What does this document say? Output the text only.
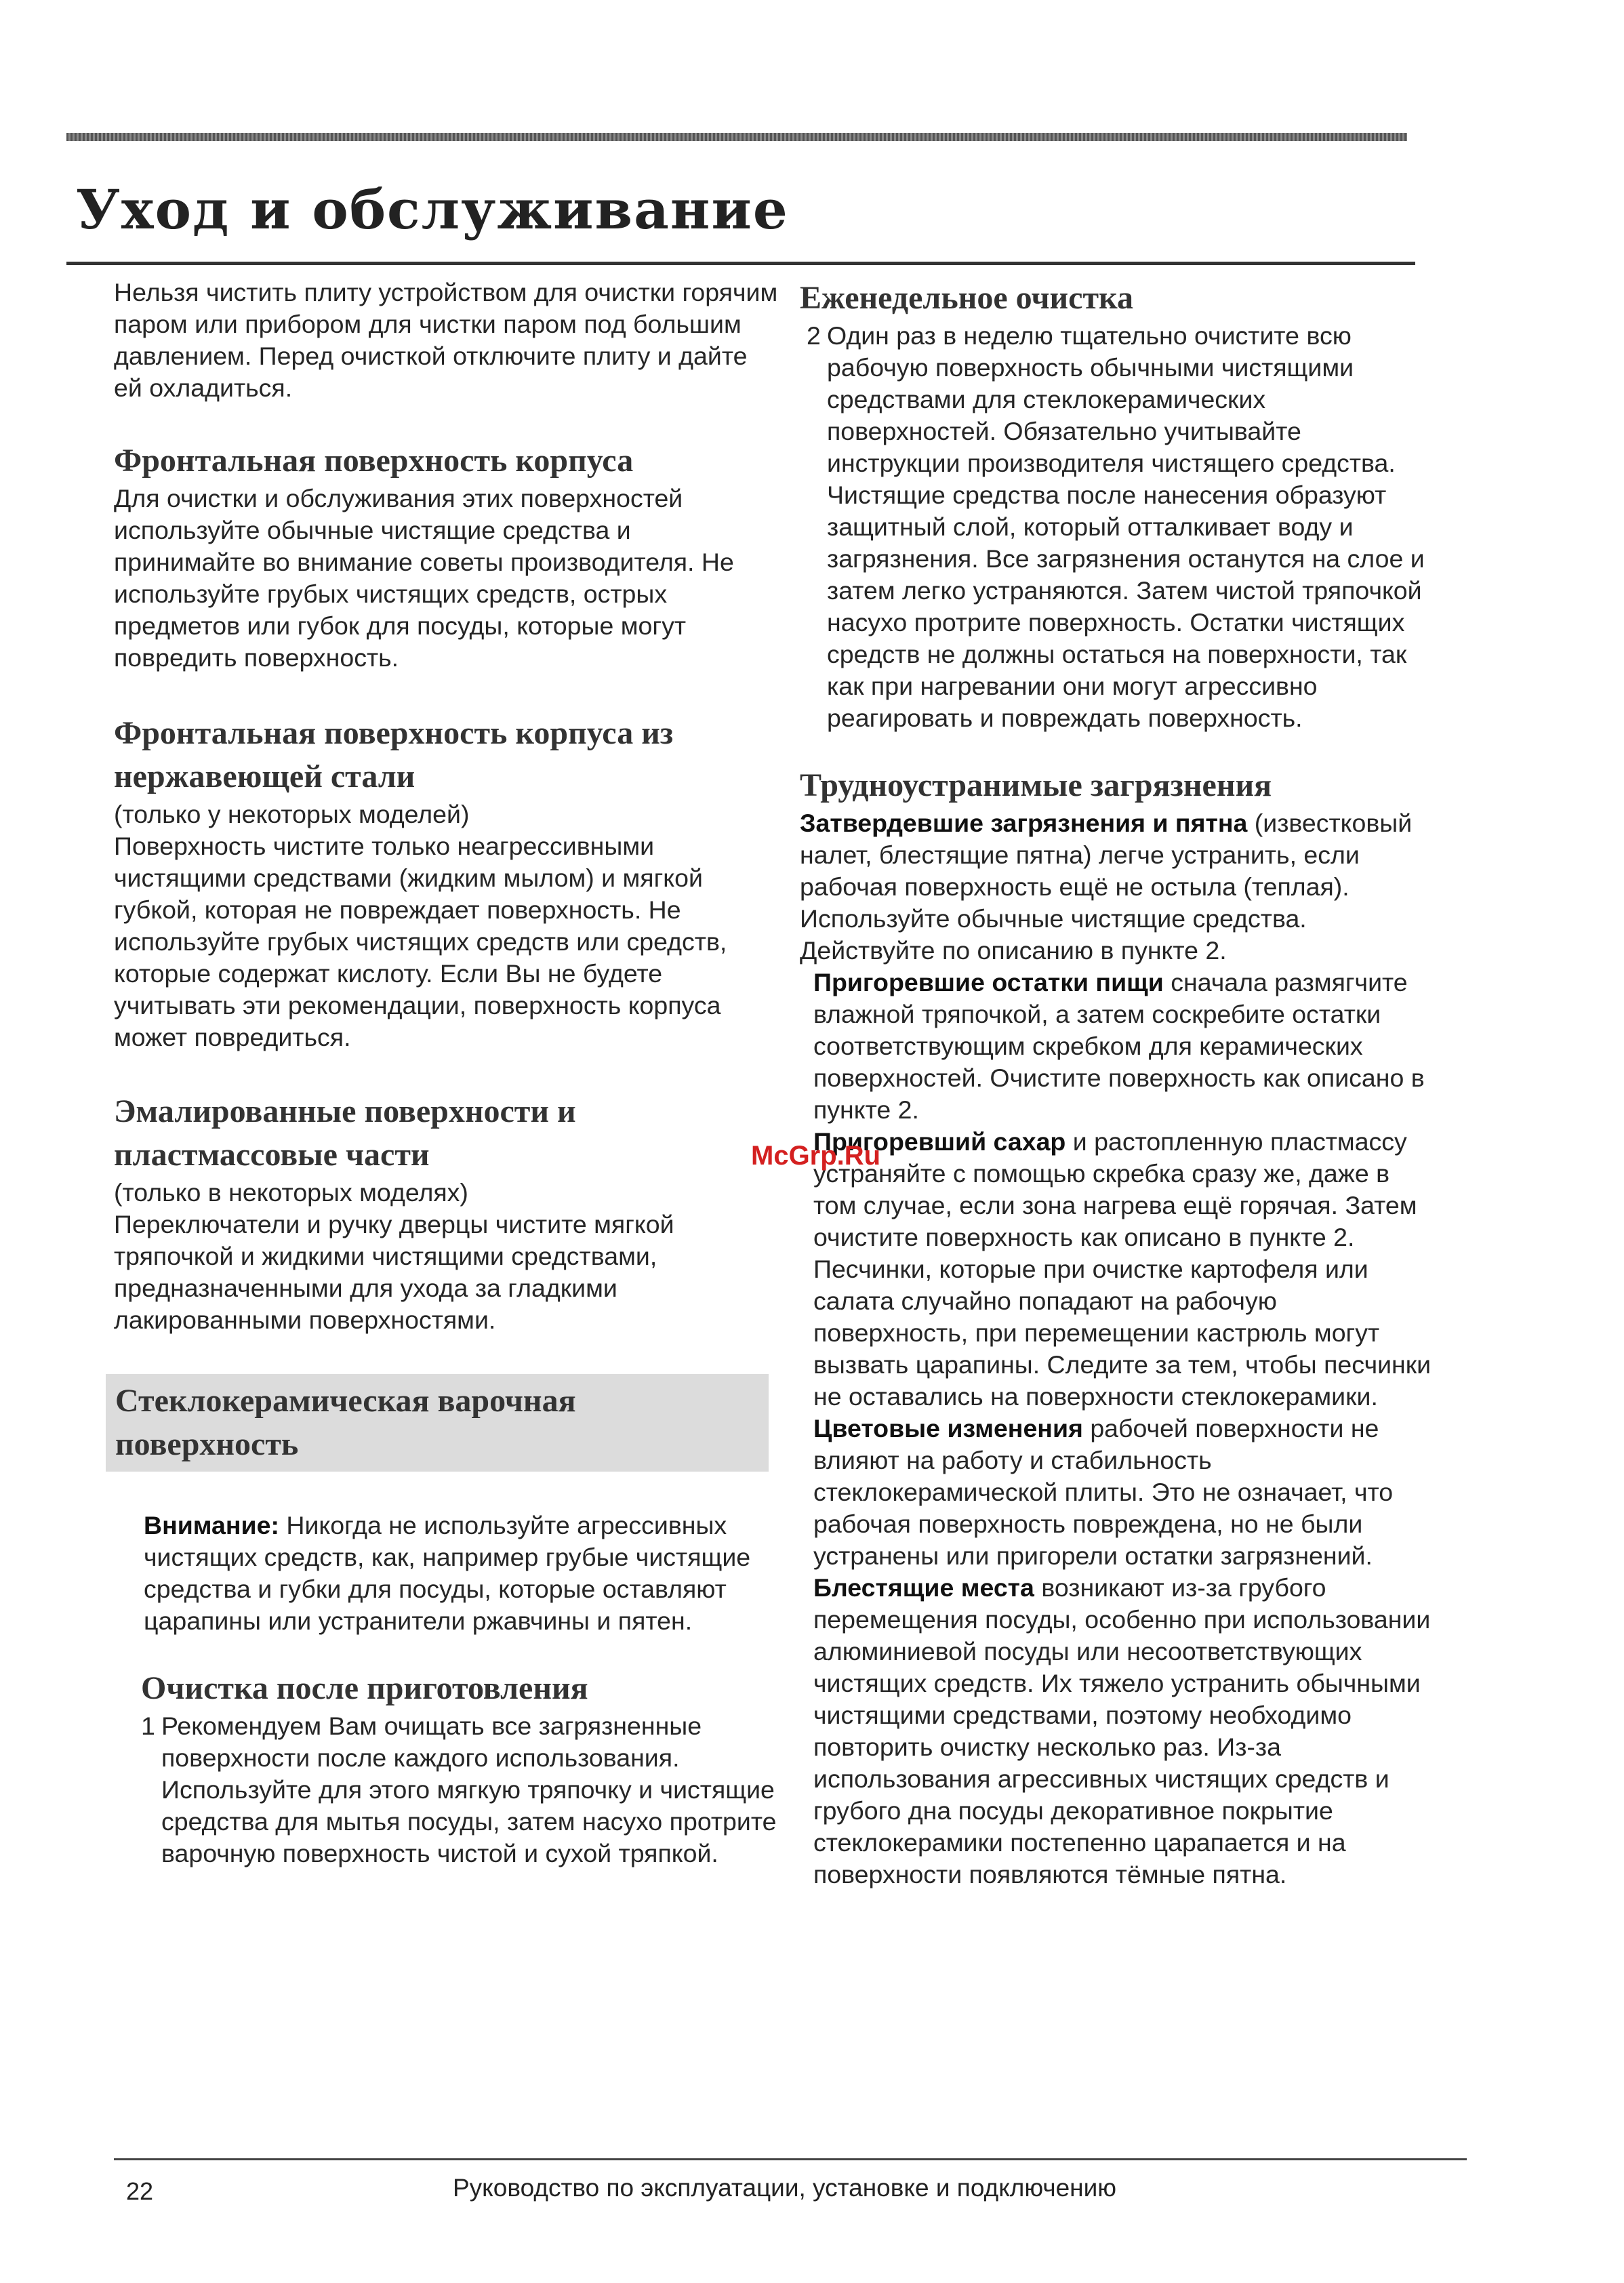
Уход и обслуживание

Нельзя чистить плиту устройством для очистки горячим паром или прибором для чистки паром под большим давлением. Перед очисткой отключите плиту и дайте ей охладиться.

Фронтальная поверхность корпуса

Для очистки и обслуживания этих поверхностей используйте обычные чистящие средства и принимайте во внимание советы производителя. Не используйте грубых чистящих средств, острых предметов или губок для посуды, которые могут повредить поверхность.

Фронтальная поверхность корпуса из нержавеющей стали

(только у некоторых моделей)

Поверхность чистите только неагрессивными чистящими средствами (жидким мылом) и мягкой губкой, которая не повреждает поверхность. Не используйте грубых чистящих средств или средств, которые содержат кислоту. Если Вы не будете учитывать эти рекомендации, поверхность корпуса может повредиться.

Эмалированные поверхности и пластмассовые части

(только в некоторых моделях)

Переключатели и ручку дверцы чистите мягкой тряпочкой и жидкими чистящими средствами, предназначенными для ухода за гладкими лакированными поверхностями.

Стеклокерамическая варочная поверхность

Внимание: Никогда не используйте агрессивных чистящих средств, как, например грубые чистящие средства и губки для посуды, которые оставляют царапины или устранители ржавчины и пятен.

Очистка после приготовления

1 Рекомендуем Вам очищать все загрязненные поверхности после каждого использования.

Используйте для этого мягкую тряпочку и чистящие средства для мытья посуды, затем насухо протрите варочную поверхность чистой и сухой тряпкой.

Еженедельное очистка

2 Один раз в неделю тщательно очистите всю рабочую поверхность обычными чистящими средствами для стеклокерамических поверхностей. Обязательно учитывайте инструкции производителя чистящего средства.

Чистящие средства после нанесения образуют защитный слой, который отталкивает воду и загрязнения. Все загрязнения останутся на слое и затем легко устраняются. Затем чистой тряпочкой насухо протрите поверхность. Остатки чистящих средств не должны остаться на поверхности, так как при нагревании они могут агрессивно реагировать и повреждать поверхность.

Трудноустранимые загрязнения

Затвердевшие загрязнения и пятна (известковый налет, блестящие пятна) легче устранить, если рабочая поверхность ещё не остыла (теплая). Используйте обычные чистящие средства. Действуйте по описанию в пункте 2.

Пригоревшие остатки пищи сначала размягчите влажной тряпочкой, а затем соскребите остатки соответствующим скребком для керамических поверхностей. Очистите поверхность как описано в пункте 2.

Пригоревший сахар и растопленную пластмассу устраняйте с помощью скребка сразу же, даже в том случае, если зона нагрева ещё горячая. Затем очистите поверхность как описано в пункте 2.

Песчинки, которые при очистке картофеля или салата случайно попадают на рабочую поверхность, при перемещении кастрюль могут вызвать царапины. Следите за тем, чтобы песчинки не оставались на поверхности стеклокерамики.

Цветовые изменения рабочей поверхности не влияют на работу и стабильность стеклокерамической плиты. Это не означает, что рабочая поверхность повреждена, но не были устранены или пригорели остатки загрязнений.

Блестящие места возникают из-за грубого перемещения посуды, особенно при использовании алюминиевой посуды или несоответствующих чистящих средств. Их тяжело устранить обычными чистящими средствами, поэтому необходимо повторить очистку несколько раз. Из-за использования агрессивных чистящих средств и грубого дна посуды декоративное покрытие стеклокерамики постепенно царапается и на поверхности появляются тёмные пятна.

McGrp.Ru
22	Руководство по эксплуатации, установке и подключению
